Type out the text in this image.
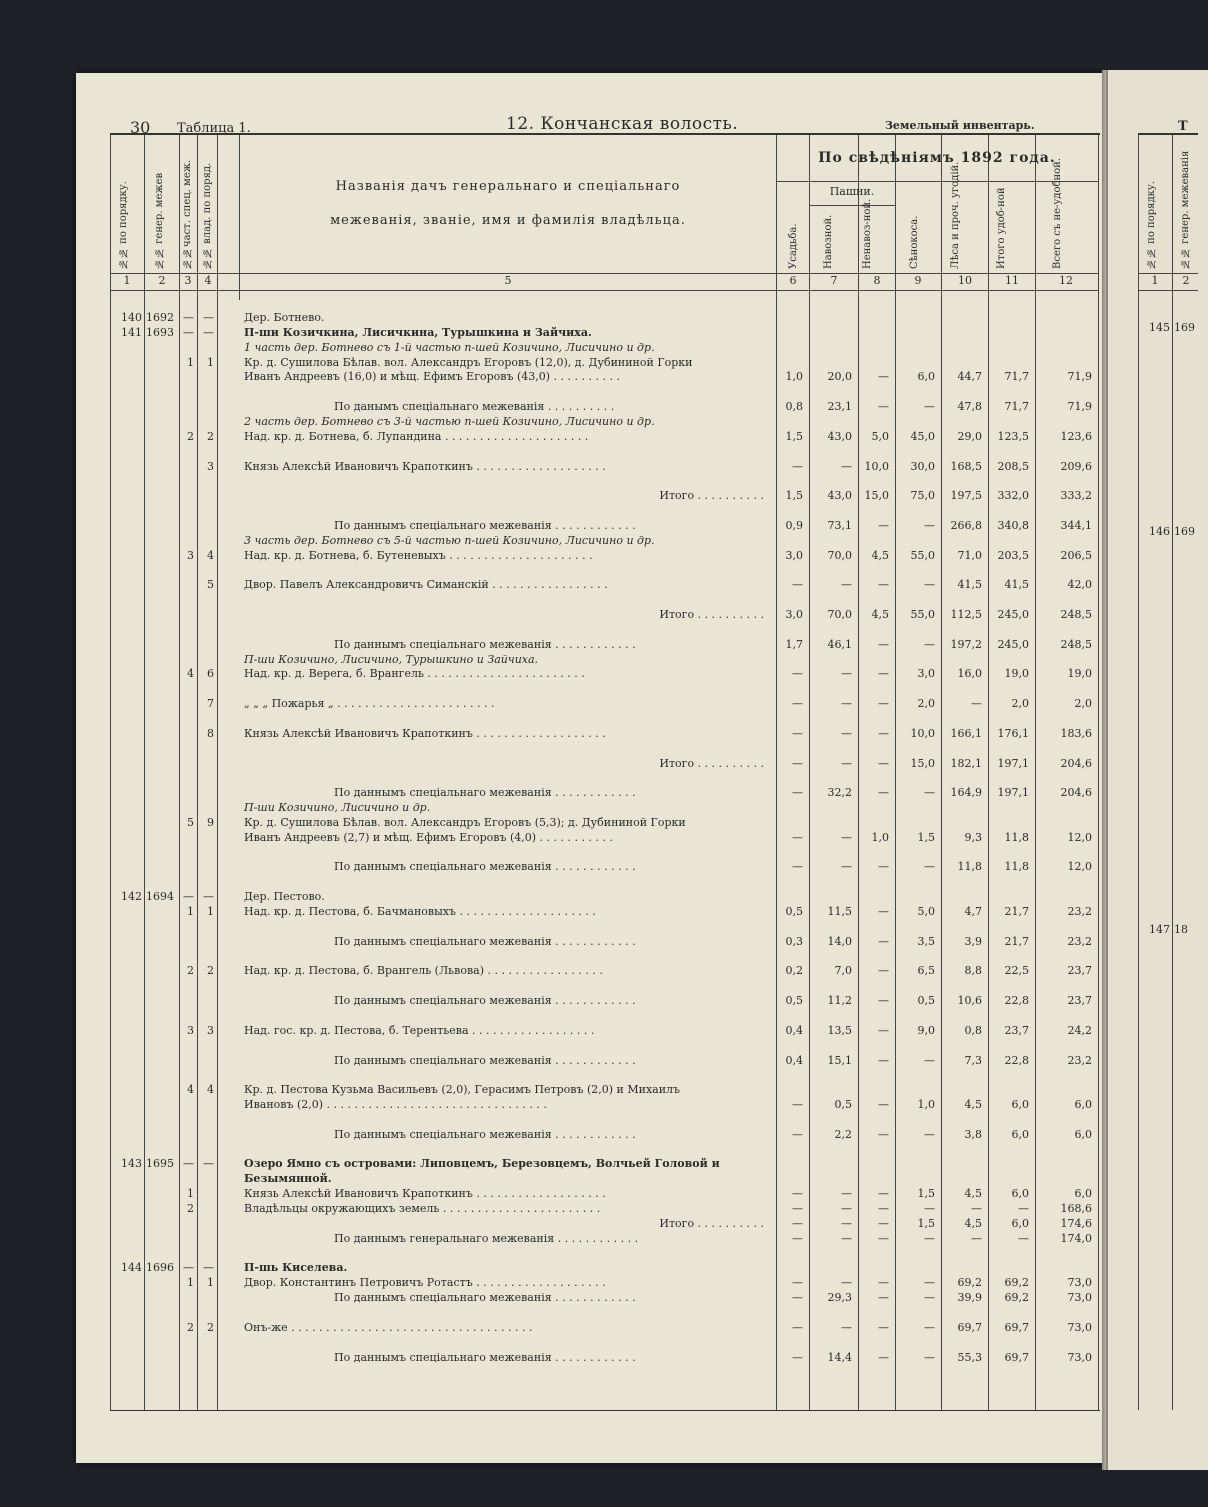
30 Таблица 1.	12. Кончанская волость.	Земельный инвентарь.	Т
№№ по порядку.	№№ генер. межев №№част. спец. меж. №№ влад. по поряд.	Названія дачъ генеральнаго и спеціальнаго
межеванія, званіе, имя и фамилія владѣльца.
По свѣдѣніямъ 1892 года.
Усадьба.
Пашни.
Навозной.	Ненавоз-ной.	Сѣнокоса.	Лѣса и проч. угодій.	Итого удоб-ной	Всего съ не-удобной.
1	2	3	4	5	6	7	8	9	10	11	12
140 1692 — —	Дер. Ботнево.
141 1693 — —	П-ши Козичкина, Лисичкина, Турышкина и Зайчиха.
1 часть дер. Ботнево съ 1-й частью п-шей Козичино, Лисичино и др.
1	1	Кр. д. Сушилова Бѣлав. вол. Александръ Егоровъ (12,0), д. Дубининой Горки
Иванъ Андреевъ (16,0) и мѣщ. Ефимъ Егоровъ (43,0) . . . . . . . . . .	1,0	20,0	—	6,0	44,7	71,7	71,9
По данымъ спеціальнаго межеванія . . . . . . . . . .	0,8	23,1	—	—	47,8	71,7	71,9
2 часть дер. Ботнево съ 3-й частью п-шей Козичино, Лисичино и др.
2	2	Над. кр. д. Ботнева, б. Лупандина . . . . . . . . . . . . . . . . . . . . .	1,5	43,0	5,0	45,0	29,0	123,5	123,6
3	Князь Алексѣй Ивановичъ Крапоткинъ . . . . . . . . . . . . . . . . . . .	—	—	10,0	30,0	168,5	208,5	209,6
Итого . . . . . . . . . .	1,5	43,0	15,0	75,0	197,5	332,0	333,2
По даннымъ спеціальнаго межеванія . . . . . . . . . . . .	0,9	73,1	—	—	266,8	340,8	344,1
3 часть дер. Ботнево съ 5-й частью п-шей Козичино, Лисичино и др.
3	4	Над. кр. д. Ботнева, б. Бутеневыхъ . . . . . . . . . . . . . . . . . . . . .	3,0	70,0	4,5	55,0	71,0	203,5	206,5
5	Двор. Павелъ Александровичъ Симанскій . . . . . . . . . . . . . . . . .	—	—	—	—	41,5	41,5	42,0
Итого . . . . . . . . . .	3,0	70,0	4,5	55,0	112,5	245,0	248,5
По даннымъ спеціальнаго межеванія . . . . . . . . . . . .	1,7	46,1	—	—	197,2	245,0	248,5
П-ши Козичино, Лисичино, Турышкино и Зайчиха.
4	6	Над. кр. д. Верега, б. Врангель . . . . . . . . . . . . . . . . . . . . . . .	—	—	—	3,0	16,0	19,0	19,0
7	„ „ „ Пожарья „ . . . . . . . . . . . . . . . . . . . . . . .	—	—	—	2,0	—	2,0	2,0
8	Князь Алексѣй Ивановичъ Крапоткинъ . . . . . . . . . . . . . . . . . . .	—	—	—	10,0	166,1	176,1	183,6
Итого . . . . . . . . . .	—	—	—	15,0	182,1	197,1	204,6
По даннымъ спеціальнаго межеванія . . . . . . . . . . . .	—	32,2	—	—	164,9	197,1	204,6
П-ши Козичино, Лисичино и др.
5	9	Кр. д. Сушилова Бѣлав. вол. Александръ Егоровъ (5,3); д. Дубининой Горки
Иванъ Андреевъ (2,7) и мѣщ. Ефимъ Егоровъ (4,0) . . . . . . . . . . .	—	—	1,0	1,5	9,3	11,8	12,0
По даннымъ спеціальнаго межеванія . . . . . . . . . . . .	—	—	—	—	11,8	11,8	12,0
142 1694 — —	Дер. Пестово.
1	1	Над. кр. д. Пестова, б. Бачмановыхъ . . . . . . . . . . . . . . . . . . . .	0,5	11,5	—	5,0	4,7	21,7	23,2
По даннымъ спеціальнаго межеванія . . . . . . . . . . . .	0,3	14,0	—	3,5	3,9	21,7	23,2
2	2	Над. кр. д. Пестова, б. Врангель (Львова) . . . . . . . . . . . . . . . . .	0,2	7,0	—	6,5	8,8	22,5	23,7
По даннымъ спеціальнаго межеванія . . . . . . . . . . . .	0,5	11,2	—	0,5	10,6	22,8	23,7
3	3	Над. гос. кр. д. Пестова, б. Терентьева . . . . . . . . . . . . . . . . . .	0,4	13,5	—	9,0	0,8	23,7	24,2
По даннымъ спеціальнаго межеванія . . . . . . . . . . . .	0,4	15,1	—	—	7,3	22,8	23,2
4	4	Кр. д. Пестова Кузьма Васильевъ (2,0), Герасимъ Петровъ (2,0) и Михаилъ
Ивановъ (2,0) . . . . . . . . . . . . . . . . . . . . . . . . . . . . . . . .	—	0,5	—	1,0	4,5	6,0	6,0
По даннымъ спеціальнаго межеванія . . . . . . . . . . . .	—	2,2	—	—	3,8	6,0	6,0
143 1695 — —	Озеро Ямно съ островами: Липовцемъ, Березовцемъ, Волчьей Головой и
Безымянной.
1	Князь Алексѣй Ивановичъ Крапоткинъ . . . . . . . . . . . . . . . . . . .	—	—	—	1,5	4,5	6,0	6,0
2	Владѣльцы окружающихъ земель . . . . . . . . . . . . . . . . . . . . . . .	—	—	—	—	—	—	168,6
Итого . . . . . . . . . .	—	—	—	1,5	4,5	6,0	174,6
По даннымъ генеральнаго межеванія . . . . . . . . . . . .	—	—	—	—	—	—	174,0
144 1696 — —	П-шь Киселева.
1	1	Двор. Константинъ Петровичъ Ротастъ . . . . . . . . . . . . . . . . . . .	—	—	—	—	69,2	69,2	73,0
По даннымъ спеціальнаго межеванія . . . . . . . . . . . .	—	29,3	—	—	39,9	69,2	73,0
2	2	Онъ-же . . . . . . . . . . . . . . . . . . . . . . . . . . . . . . . . . . .	—	—	—	—	69,7	69,7	73,0
По даннымъ спеціальнаго межеванія . . . . . . . . . . . .	—	14,4	—	—	55,3	69,7	73,0
№№ по порядку. №№ генер. межеванія
1	2
145 169
146 169
147 18
